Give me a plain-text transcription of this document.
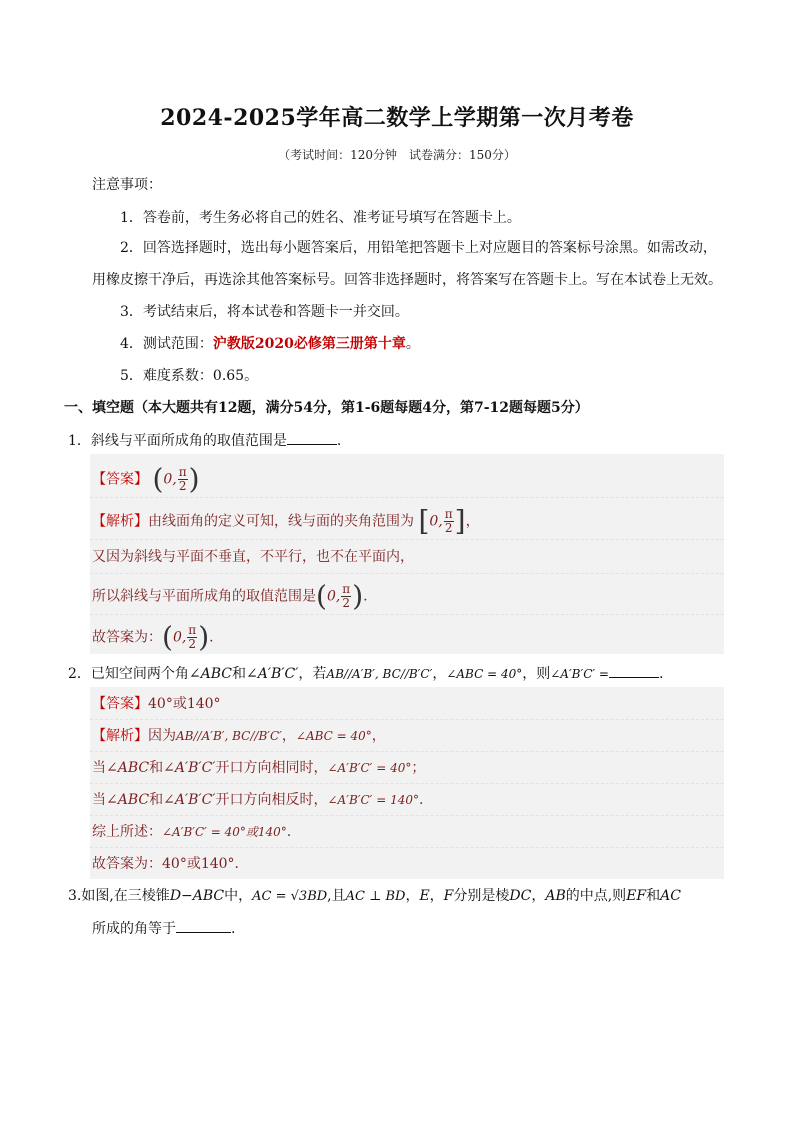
2024-2025学年高二数学上学期第一次月考卷
（考试时间：120分钟　试卷满分：150分）
注意事项：
1．答卷前，考生务必将自己的姓名、准考证号填写在答题卡上。
2．回答选择题时，选出每小题答案后，用铅笔把答题卡上对应题目的答案标号涂黑。如需改动，
用橡皮擦干净后，再选涂其他答案标号。回答非选择题时，将答案写在答题卡上。写在本试卷上无效。
3．考试结束后，将本试卷和答题卡一并交回。
4．测试范围：沪教版2020必修第三册第十章。
5．难度系数：0.65。
一、填空题（本大题共有12题，满分54分，第1-6题每题4分，第7-12题每题5分）
1．斜线与平面所成角的取值范围是	.
【答案】 (0, $\frac{\pi}{2}$ )
【解析】由线面角的定义可知，线与面的夹角范围为 [0, $\frac{\pi}{2}$ ]，
又因为斜线与平面不垂直，不平行，也不在平面内，
所以斜线与平面所成角的取值范围是(0, $\frac{\pi}{2}$ ).
故答案为：(0, $\frac{\pi}{2}$ ).
2．已知空间两个角∠ABC和∠A′B′C′，若AB//A′B′, BC//B′C′，∠ABC = 40°，则∠A′B′C′ =	.
【答案】40°或140°
【解析】因为AB//A′B′, BC//B′C′，∠ABC = 40°，
当∠ABC和∠A′B′C′开口方向相同时，∠A′B′C′ = 40°；
当∠ABC和∠A′B′C′开口方向相反时，∠A′B′C′ = 140°.
综上所述：∠A′B′C′ = 40°或140°.
故答案为：40°或140°.
3.如图,在三棱锥D−ABC中，AC = √3BD,且AC ⊥ BD，E，F分别是棱DC，AB的中点,则EF和AC
所成的角等于	.
